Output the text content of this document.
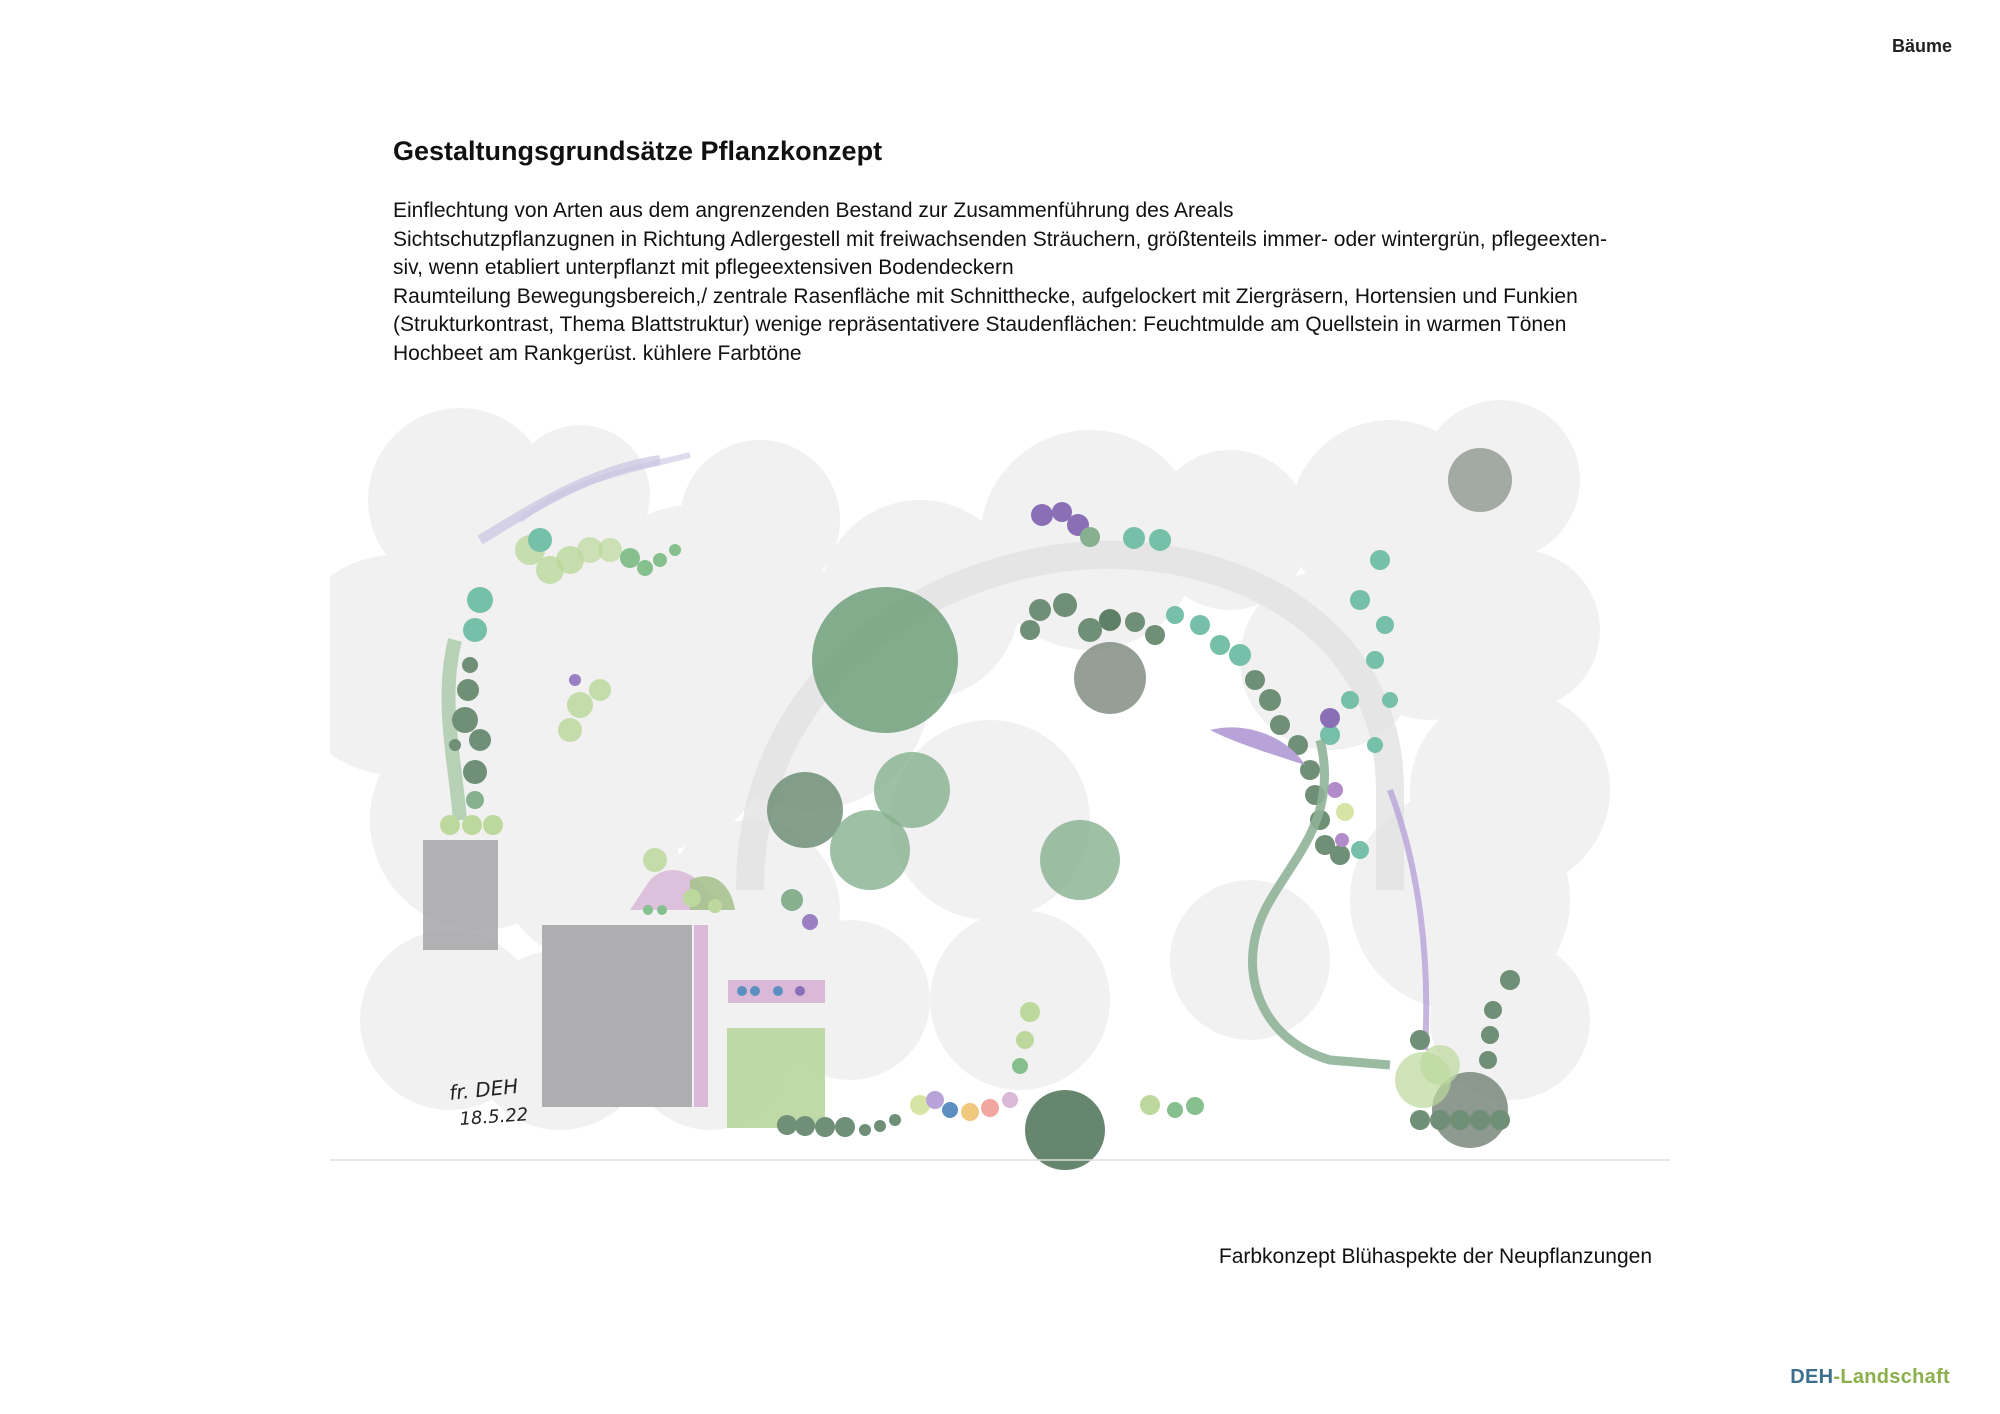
Bäume
Gestaltungsgrundsätze Pflanzkonzept
Einflechtung von Arten aus dem angrenzenden Bestand zur Zusammenführung des Areals
Sichtschutzpflanzugnen in Richtung Adlergestell mit freiwachsenden Sträuchern, größtenteils immer- oder wintergrün, pflegeexten-
siv, wenn etabliert unterpflanzt mit pflegeextensiven Bodendeckern
Raumteilung Bewegungsbereich,/ zentrale Rasenfläche mit Schnitthecke, aufgelockert mit Ziergräsern, Hortensien und Funkien
(Strukturkontrast, Thema Blattstruktur) wenige repräsentativere Staudenflächen: Feuchtmulde am Quellstein in warmen Tönen
Hochbeet am Rankgerüst. kühlere Farbtöne
fr. DEH
18.5.22
Farbkonzept Blühaspekte der Neupflanzungen
DEH-Landschaft
